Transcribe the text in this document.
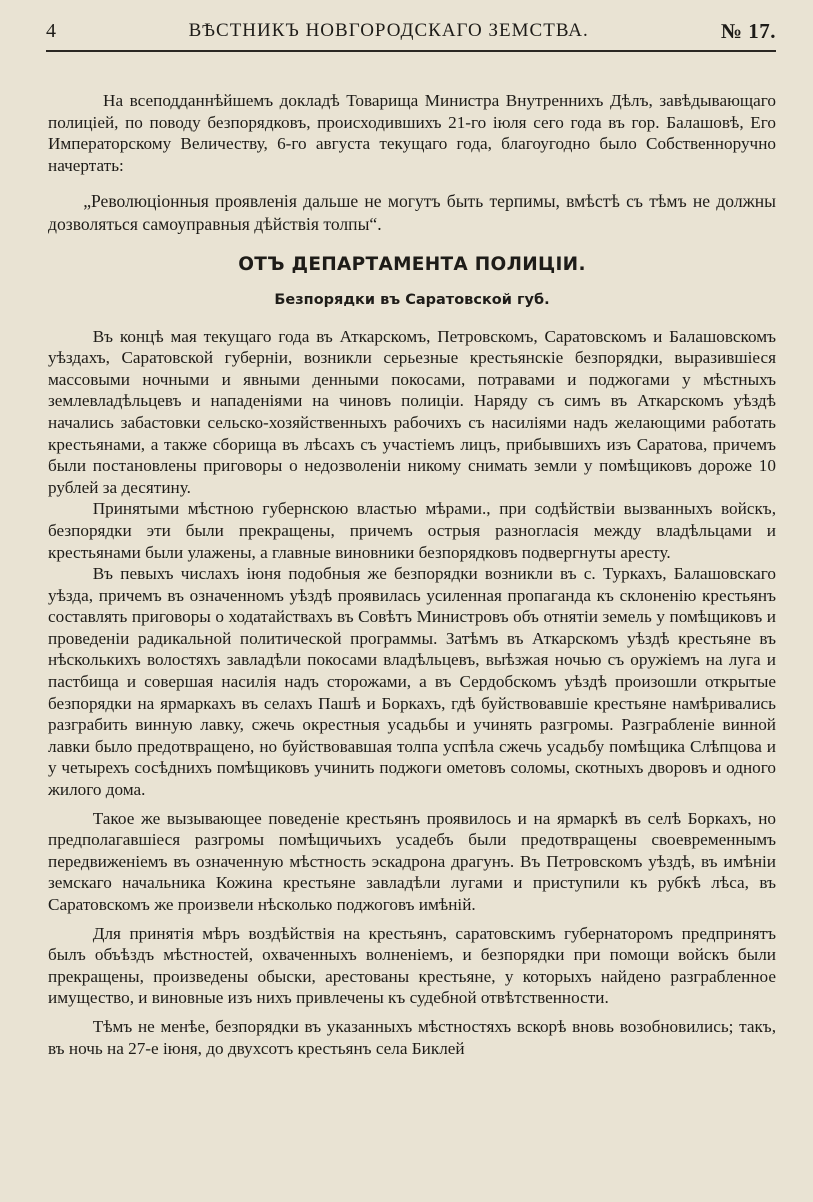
4	ВѢСТНИКЪ НОВГОРОДСКАГО ЗЕМСТВА.	№ 17.

На всеподданнѣйшемъ докладѣ Товарища Министра Внутреннихъ Дѣлъ, завѣдывающаго полиціей, по поводу безпорядковъ, происходившихъ 21-го іюля сего года въ гор. Балашовѣ, Его Императорскому Величеству, 6-го августа текущаго года, благоугодно было Собственноручно начертать:

„Революціонныя проявленія дальше не могутъ быть терпимы, вмѣстѣ съ тѣмъ не должны дозволяться самоуправныя дѣйствія толпы“.

ОТЪ ДЕПАРТАМЕНТА ПОЛИЦІИ.

Безпорядки въ Саратовской губ.

Въ концѣ мая текущаго года въ Аткарскомъ, Петровскомъ, Саратовскомъ и Балашовскомъ уѣздахъ, Саратовской губерніи, возникли серьезные крестьянскіе безпорядки, выразившіеся массовыми ночными и явными денными покосами, потравами и поджогами у мѣстныхъ землевладѣльцевъ и нападеніями на чиновъ полиціи. Наряду съ симъ въ Аткарскомъ уѣздѣ начались забастовки сельско-хозяйственныхъ рабочихъ съ насиліями надъ желающими работать крестьянами, а также сборища въ лѣсахъ съ участіемъ лицъ, прибывшихъ изъ Саратова, причемъ были постановлены приговоры о недозволеніи никому снимать земли у помѣщиковъ дороже 10 рублей за десятину.

Принятыми мѣстною губернскою властью мѣрами., при содѣйствіи вызванныхъ войскъ, безпорядки эти были прекращены, причемъ острыя разногласія между владѣльцами и крестьянами были улажены, а главные виновники безпорядковъ подвергнуты аресту.

Въ певыхъ числахъ іюня подобныя же безпорядки возникли въ с. Туркахъ, Балашовскаго уѣзда, причемъ въ означенномъ уѣздѣ проявилась усиленная пропаганда къ склоненію крестьянъ составлять приговоры о ходатайствахъ въ Совѣтъ Министровъ объ отнятіи земель у помѣщиковъ и проведеніи радикальной политической программы. Затѣмъ въ Аткарскомъ уѣздѣ крестьяне въ нѣсколькихъ волостяхъ завладѣли покосами владѣльцевъ, выѣзжая ночью съ оружіемъ на луга и пастбища и совершая насилія надъ сторожами, а въ Сердобскомъ уѣздѣ произошли открытые безпорядки на ярмаркахъ въ селахъ Пашѣ и Боркахъ, гдѣ буйствовавшіе крестьяне намѣривались разграбить винную лавку, сжечь окрестныя усадьбы и учинять разгромы. Разграбленіе винной лавки было предотвращено, но буйствовавшая толпа успѣла сжечь усадьбу помѣщика Слѣпцова и у четырехъ сосѣднихъ помѣщиковъ учинить поджоги ометовъ соломы, скотныхъ дворовъ и одного жилого дома.

Такое же вызывающее поведеніе крестьянъ проявилось и на ярмаркѣ въ селѣ Боркахъ, но предполагавшіеся разгромы помѣщичьихъ усадебъ были предотвращены своевременнымъ передвиженіемъ въ означенную мѣстность эскадрона драгунъ. Въ Петровскомъ уѣздѣ, въ имѣніи земскаго начальника Кожина крестьяне завладѣли лугами и приступили къ рубкѣ лѣса, въ Саратовскомъ же произвели нѣсколько поджоговъ имѣній.

Для принятія мѣръ воздѣйствія на крестьянъ, саратовскимъ губернаторомъ предпринятъ былъ объѣздъ мѣстностей, охваченныхъ волненіемъ, и безпорядки при помощи войскъ были прекращены, произведены обыски, арестованы крестьяне, у которыхъ найдено разграбленное имущество, и виновные изъ нихъ привлечены къ судебной отвѣтственности.

Тѣмъ не менѣе, безпорядки въ указанныхъ мѣстностяхъ вскорѣ вновь возобновились; такъ, въ ночь на 27-е іюня, до двухсотъ крестьянъ села Биклей
